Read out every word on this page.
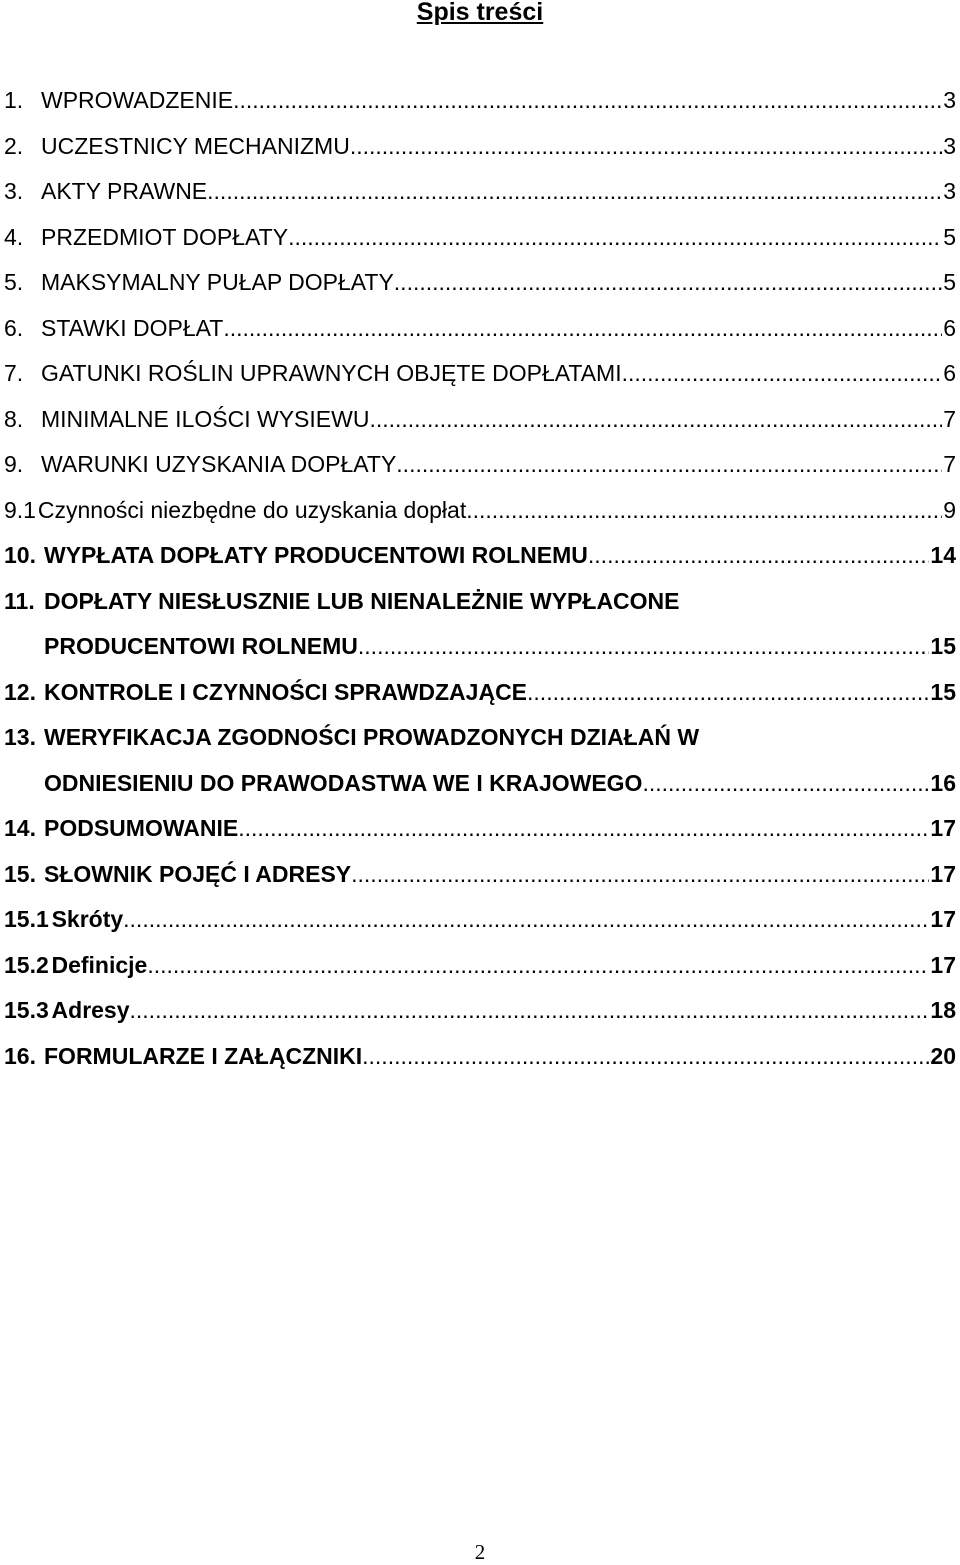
Spis treści
1. WPROWADZENIE .....	3
2. UCZESTNICY MECHANIZMU .....	3
3. AKTY PRAWNE .....	3
4. PRZEDMIOT DOPŁATY .....	5
5. MAKSYMALNY PUŁAP DOPŁATY .....	5
6. STAWKI DOPŁAT .....	6
7. GATUNKI ROŚLIN UPRAWNYCH OBJĘTE DOPŁATAMI .....	6
8. MINIMALNE ILOŚCI WYSIEWU .....	7
9. WARUNKI UZYSKANIA DOPŁATY .....	7
9.1 Czynności niezbędne do uzyskania dopłat .....	9
10. WYPŁATA DOPŁATY PRODUCENTOWI ROLNEMU .....	14
11. DOPŁATY NIESŁUSZNIE LUB NIENALEŻNIE WYPŁACONE
PRODUCENTOWI ROLNEMU .....	15
12. KONTROLE I CZYNNOŚCI SPRAWDZAJĄCE .....	15
13. WERYFIKACJA ZGODNOŚCI PROWADZONYCH DZIAŁAŃ W
ODNIESIENIU DO PRAWODASTWA WE I KRAJOWEGO .....	16
14. PODSUMOWANIE .....	17
15. SŁOWNIK POJĘĆ I ADRESY .....	17
15.1 Skróty .....	17
15.2 Definicje .....	17
15.3 Adresy .....	18
16. FORMULARZE I ZAŁĄCZNIKI .....	20
2
